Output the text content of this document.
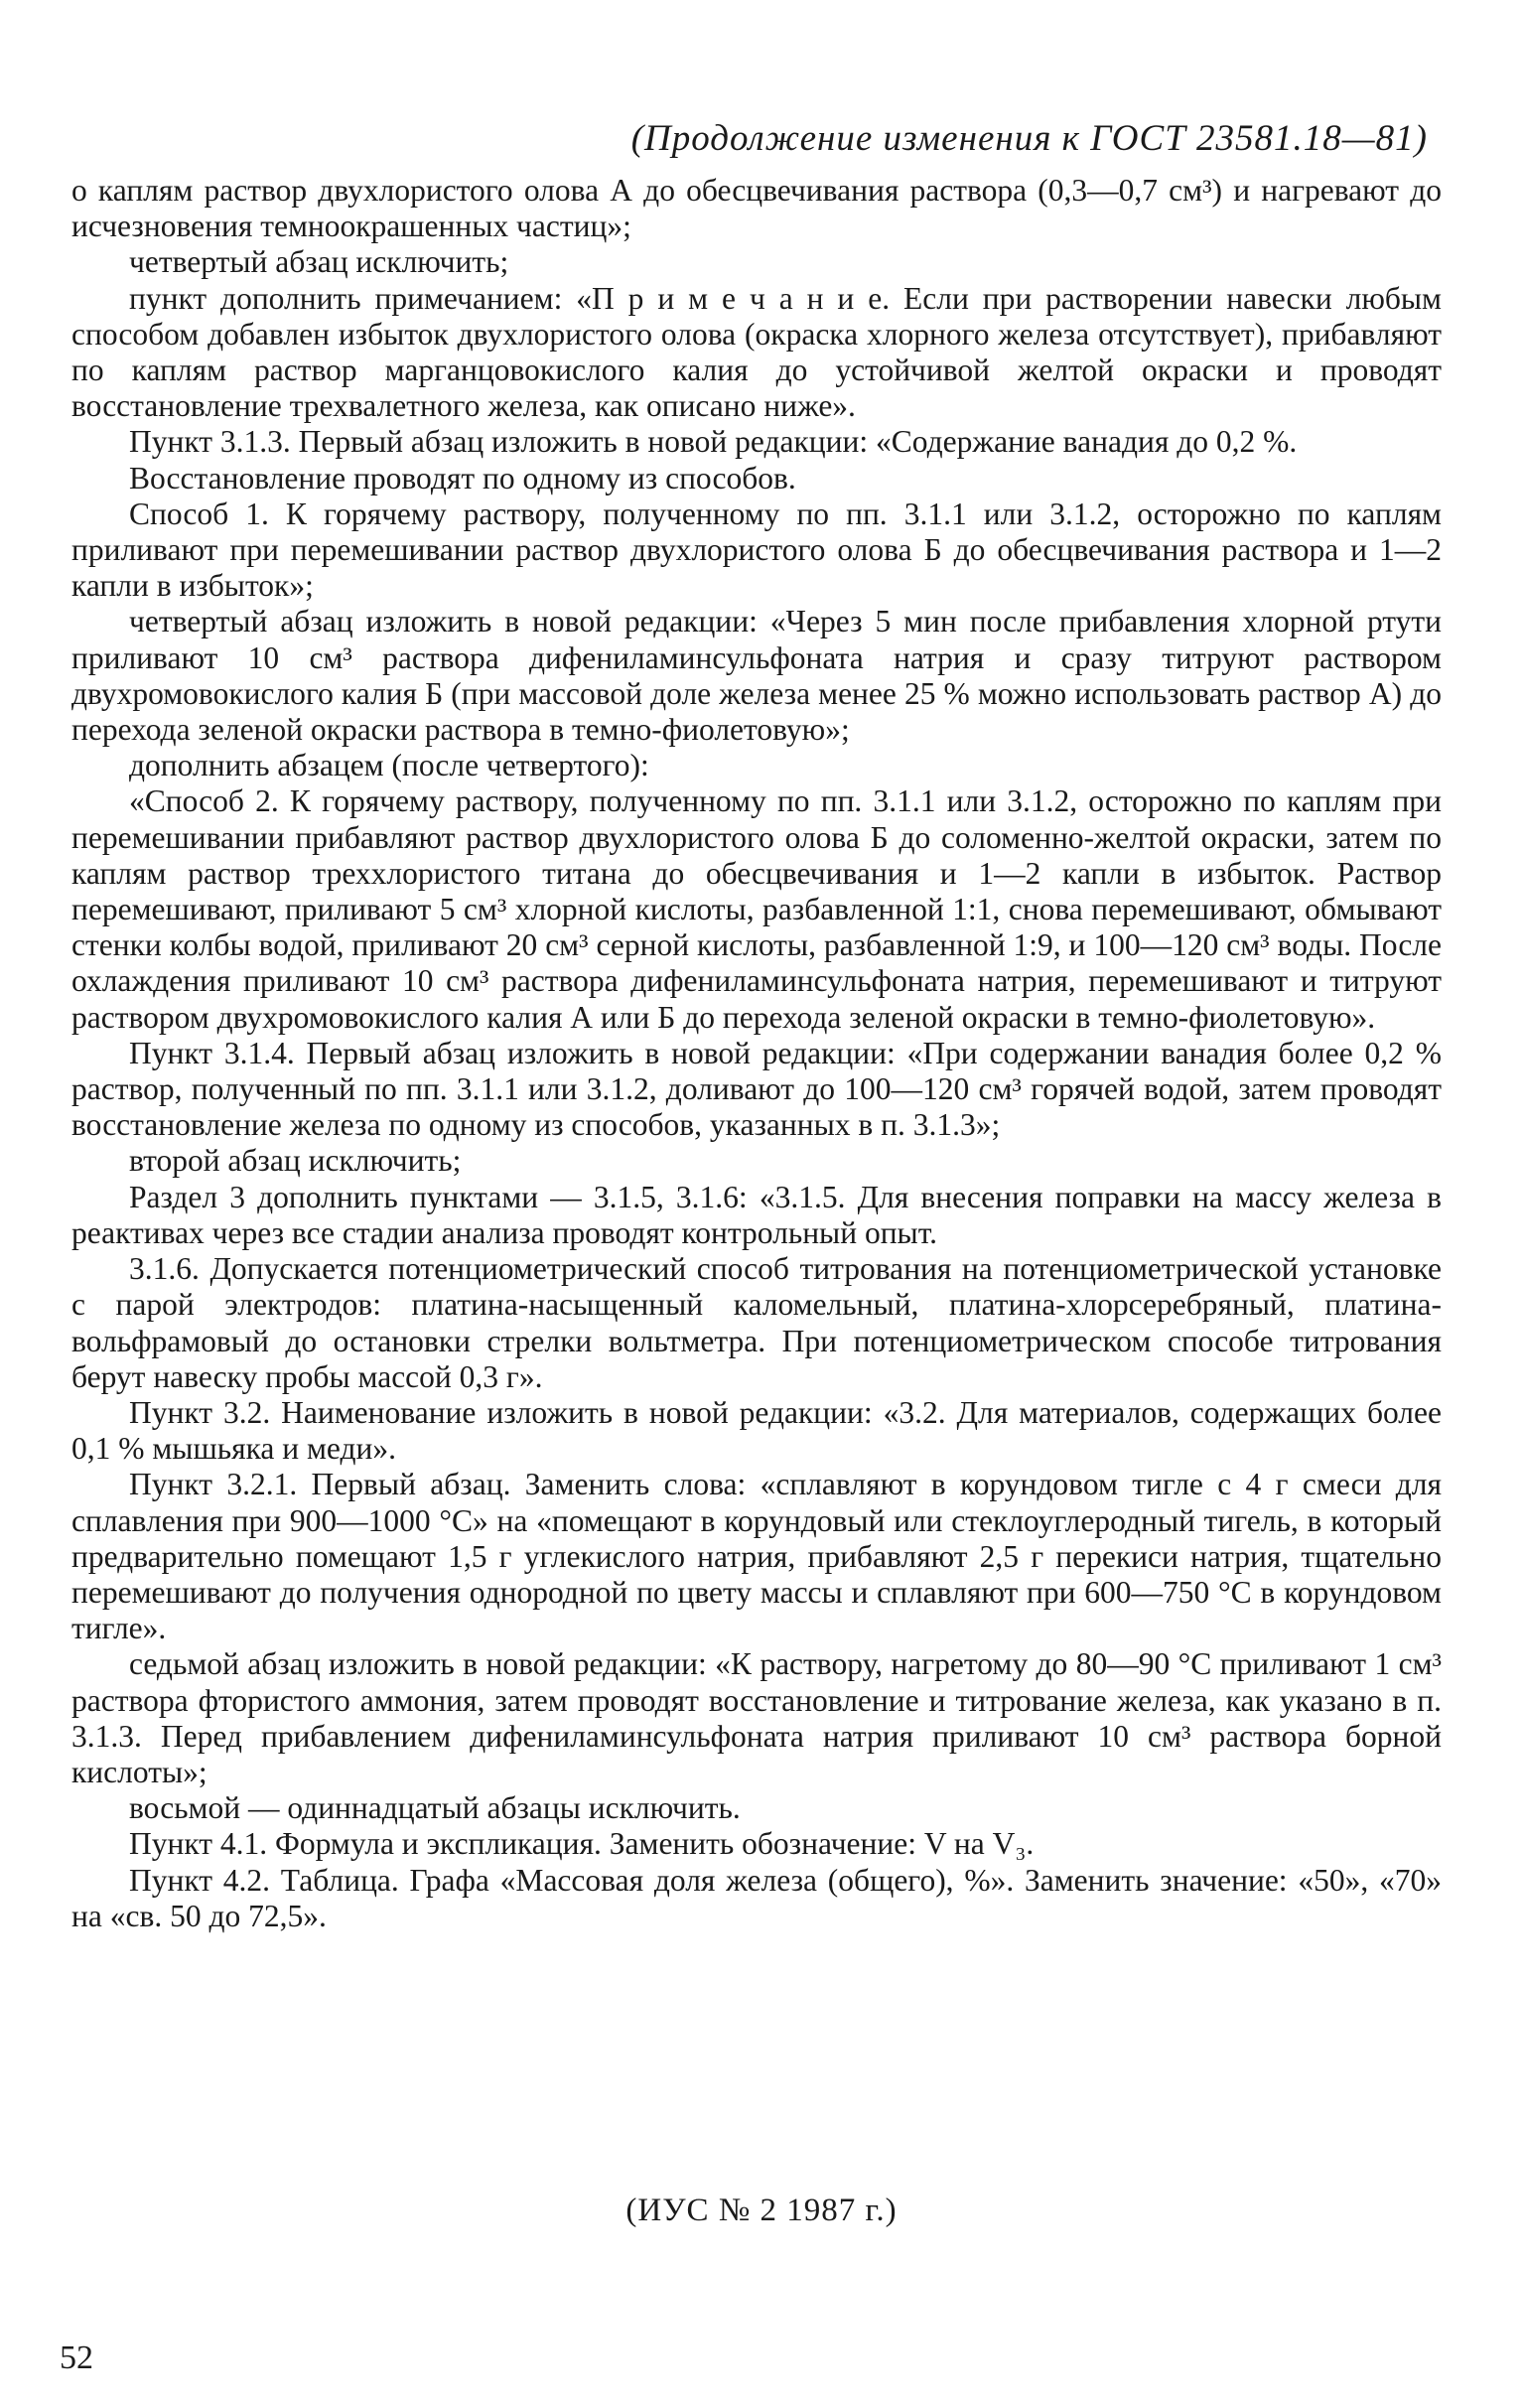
(Продолжение изменения к ГОСТ 23581.18—81)

о каплям раствор двухлористого олова А до обесцвечивания раствора (0,3—0,7 см³) и нагревают до исчезновения темноокрашенных частиц»;

четвертый абзац исключить;

пункт дополнить примечанием: «П р и м е ч а н и е. Если при растворении навески любым способом добавлен избыток двухлористого олова (окраска хлорного железа отсутствует), прибавляют по каплям раствор марганцовокислого калия до устойчивой желтой окраски и проводят восстановление трехвалетного железа, как описано ниже».

Пункт 3.1.3. Первый абзац изложить в новой редакции: «Содержание ванадия до 0,2 %.

Восстановление проводят по одному из способов.

Способ 1. К горячему раствору, полученному по пп. 3.1.1 или 3.1.2, осторожно по каплям приливают при перемешивании раствор двухлористого олова Б до обесцвечивания раствора и 1—2 капли в избыток»;

четвертый абзац изложить в новой редакции: «Через 5 мин после прибавления хлорной ртути приливают 10 см³ раствора дифениламинсульфоната натрия и сразу титруют раствором двухромовокислого калия Б (при массовой доле железа менее 25 % можно использовать раствор А) до перехода зеленой окраски раствора в темно-фиолетовую»;

дополнить абзацем (после четвертого):

«Способ 2. К горячему раствору, полученному по пп. 3.1.1 или 3.1.2, осторожно по каплям при перемешивании прибавляют раствор двухлористого олова Б до соломенно-желтой окраски, затем по каплям раствор треххлористого титана до обесцвечивания и 1—2 капли в избыток. Раствор перемешивают, приливают 5 см³ хлорной кислоты, разбавленной 1:1, снова перемешивают, обмывают стенки колбы водой, приливают 20 см³ серной кислоты, разбавленной 1:9, и 100—120 см³ воды. После охлаждения приливают 10 см³ раствора дифениламинсульфоната натрия, перемешивают и титруют раствором двухромовокислого калия А или Б до перехода зеленой окраски в темно-фиолетовую».

Пункт 3.1.4. Первый абзац изложить в новой редакции: «При содержании ванадия более 0,2 % раствор, полученный по пп. 3.1.1 или 3.1.2, доливают до 100—120 см³ горячей водой, затем проводят восстановление железа по одному из способов, указанных в п. 3.1.3»;

второй абзац исключить;

Раздел 3 дополнить пунктами — 3.1.5, 3.1.6: «3.1.5. Для внесения поправки на массу железа в реактивах через все стадии анализа проводят контрольный опыт.

3.1.6. Допускается потенциометрический способ титрования на потенциометрической установке с парой электродов: платина-насыщенный каломельный, платина-хлорсеребряный, платина-вольфрамовый до остановки стрелки вольтметра. При потенциометрическом способе титрования берут навеску пробы массой 0,3 г».

Пункт 3.2. Наименование изложить в новой редакции: «3.2. Для материалов, содержащих более 0,1 % мышьяка и меди».

Пункт 3.2.1. Первый абзац. Заменить слова: «сплавляют в корундовом тигле с 4 г смеси для сплавления при 900—1000 °С» на «помещают в корундовый или стеклоуглеродный тигель, в который предварительно помещают 1,5 г углекислого натрия, прибавляют 2,5 г перекиси натрия, тщательно перемешивают до получения однородной по цвету массы и сплавляют при 600—750 °С в корундовом тигле».

седьмой абзац изложить в новой редакции: «К раствору, нагретому до 80—90 °С приливают 1 см³ раствора фтористого аммония, затем проводят восстановление и титрование железа, как указано в п. 3.1.3. Перед прибавлением дифениламинсульфоната натрия приливают 10 см³ раствора борной кислоты»;

восьмой — одиннадцатый абзацы исключить.

Пункт 4.1. Формула и экспликация. Заменить обозначение: V на V₃.

Пункт 4.2. Таблица. Графа «Массовая доля железа (общего), %». Заменить значение: «50», «70» на «св. 50 до 72,5».

(ИУС № 2 1987 г.)
52
